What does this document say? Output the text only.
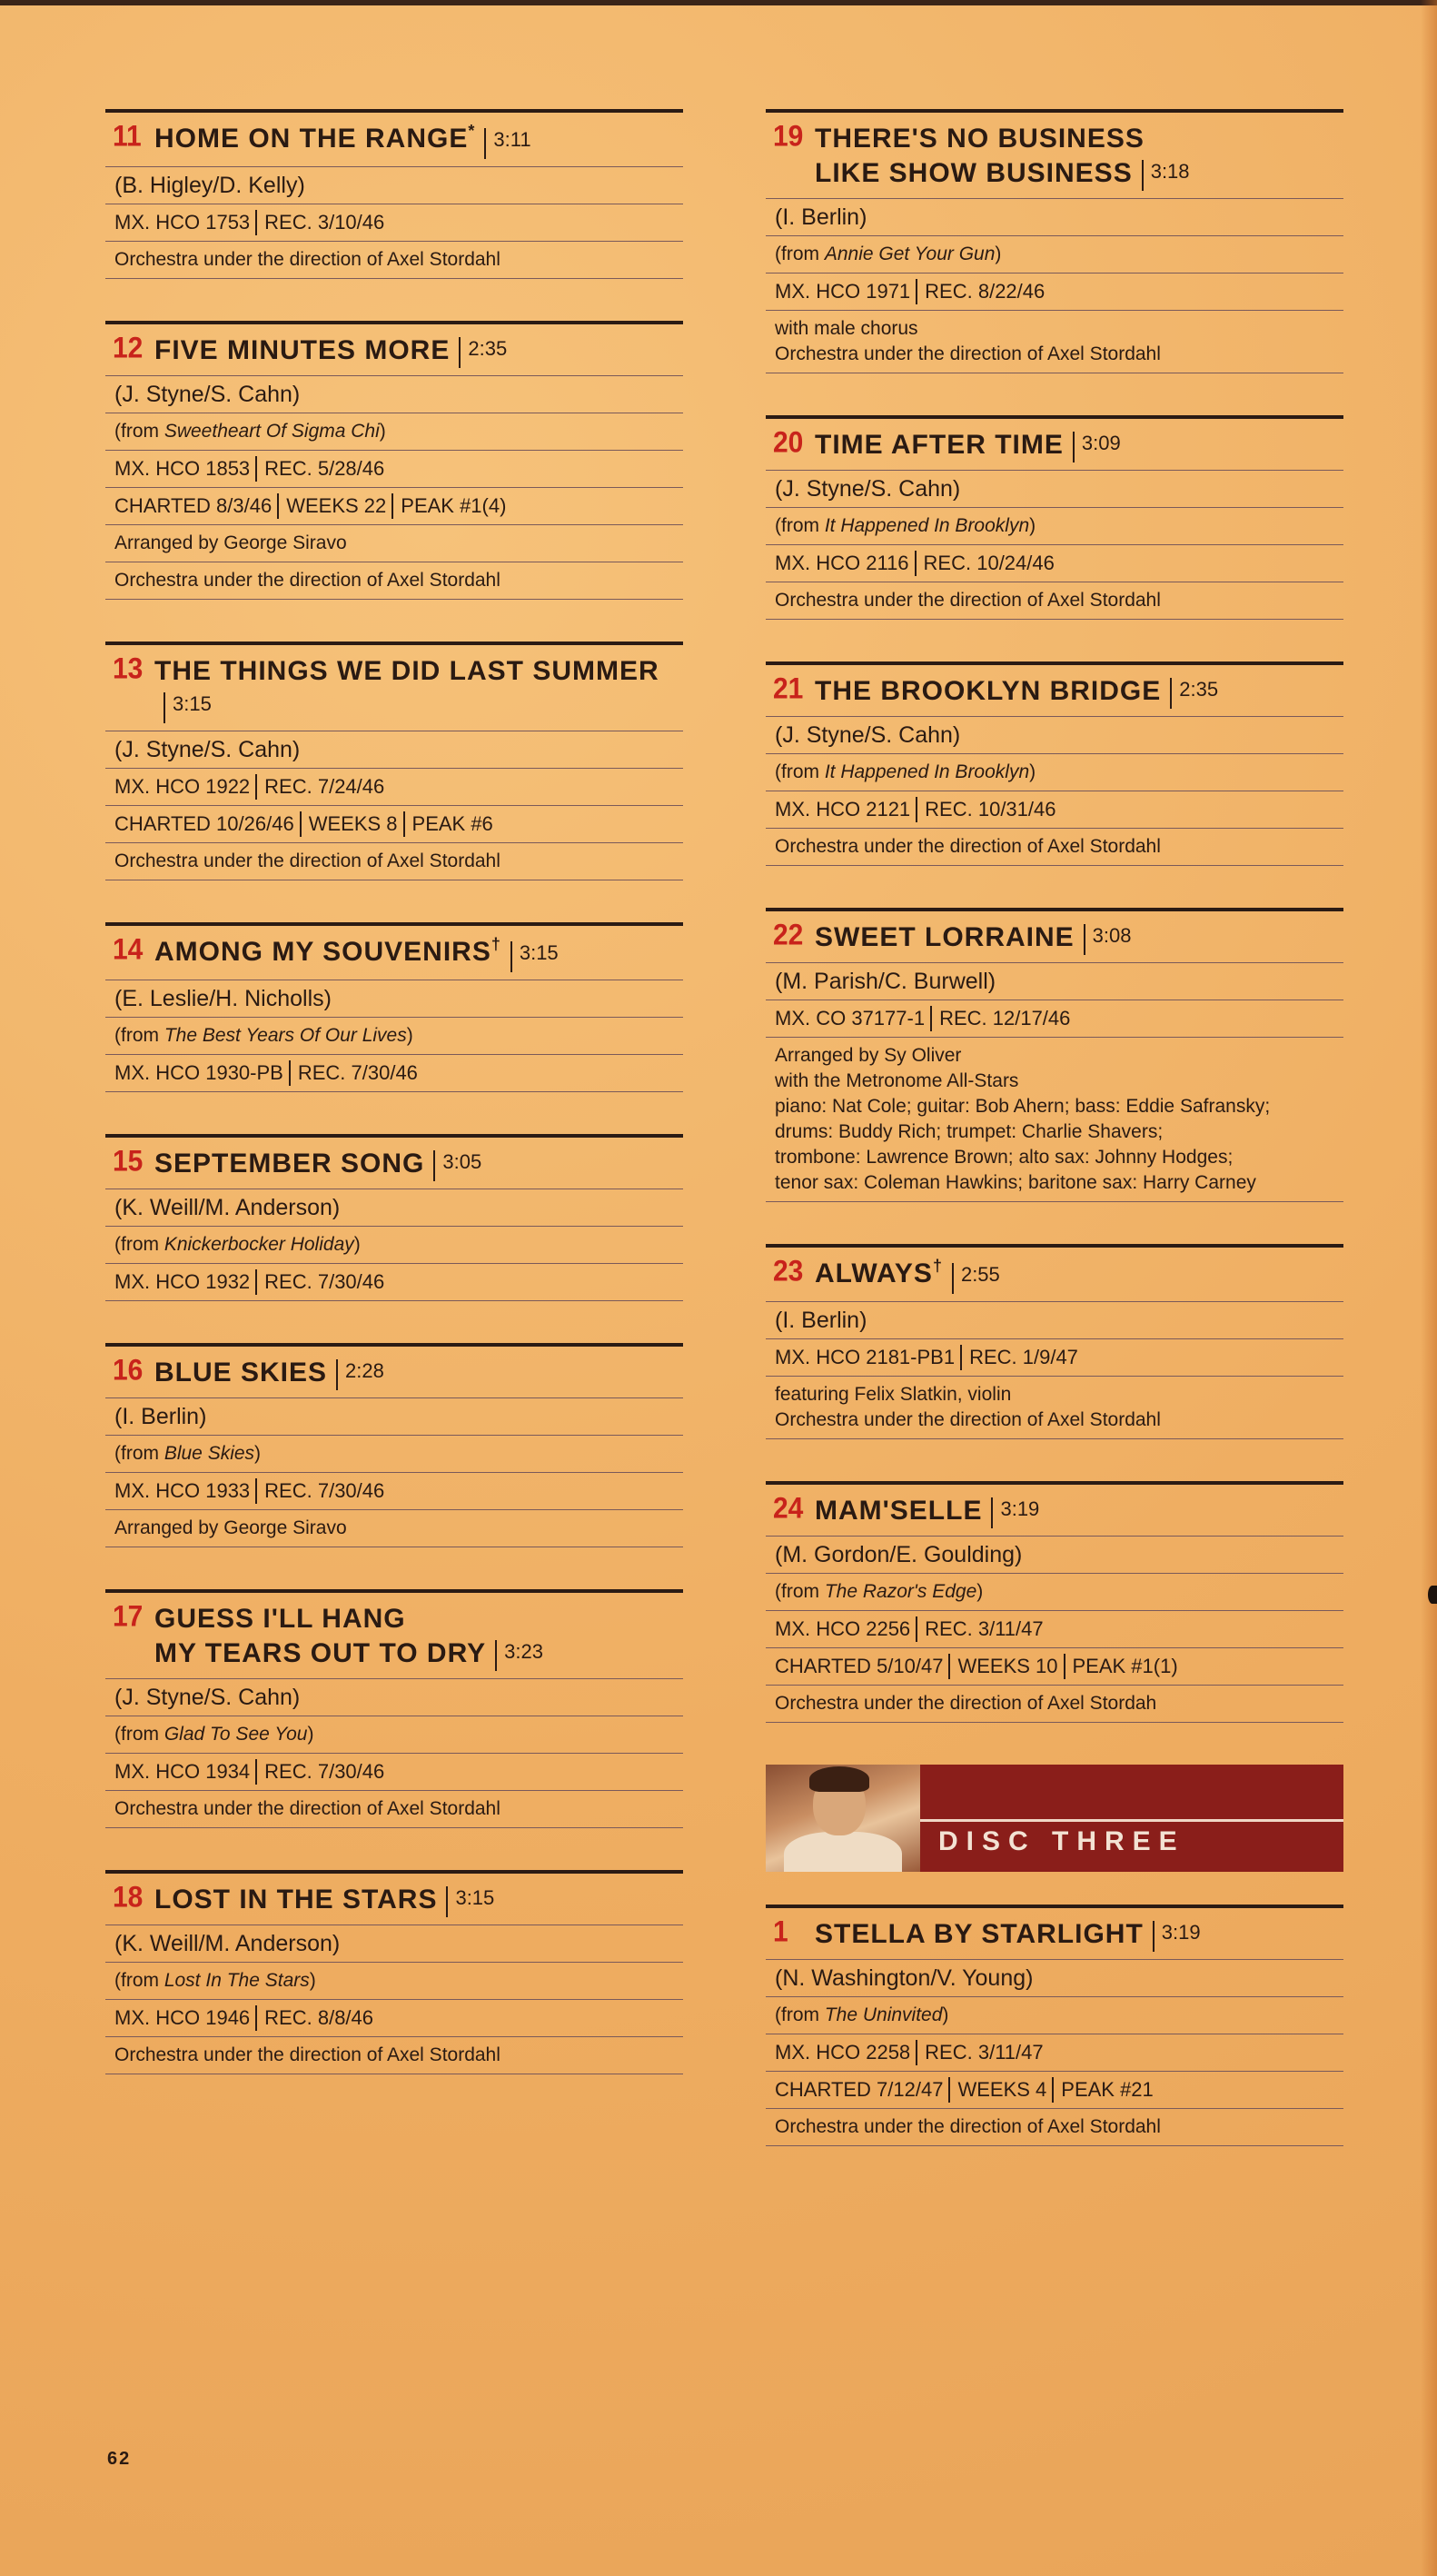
11 HOME ON THE RANGE* $^{3:11}$
(B. Higley/D. Kelly)
MX. HCO 1753 REC. 3/10/46
Orchestra under the direction of Axel Stordahl
12 FIVE MINUTES MORE $^{2:35}$
(J. Styne/S. Cahn)
(from Sweetheart Of Sigma Chi)
MX. HCO 1853 REC. 5/28/46
CHARTED 8/3/46 WEEKS 22 PEAK #1(4)
Arranged by George Siravo
Orchestra under the direction of Axel Stordahl
13 THE THINGS WE DID LAST $SUMMER^{3:15}$
(J. Styne/S. Cahn)
MX. HCO 1922 REC. 7/24/46
CHARTED 10/26/46 WEEKS 8 PEAK #6
Orchestra under the direction of Axel Stordahl
14 AMONG MY SOUVENIRS† $^{3:15}$
(E. Leslie/H. Nicholls)
(from The Best Years Of Our Lives)
MX. HCO 1930-PB REC. 7/30/46
15 SEPTEMBER SONG $^{3:05}$
(K. Weill/M. Anderson)
(from Knickerbocker Holiday)
MX. HCO 1932 REC. 7/30/46
16 BLUE SKIES $^{2:28}$
(I. Berlin)
(from Blue Skies)
MX. HCO 1933 REC. 7/30/46
Arranged by George Siravo
17 GUESS I'LL HANG
MY TEARS OUT TO DRY $^{3:23}$
(J. Styne/S. Cahn)
(from Glad To See You)
MX. HCO 1934 REC. 7/30/46
Orchestra under the direction of Axel Stordahl
18 LOST IN THE STARS $^{3:15}$
(K. Weill/M. Anderson)
(from Lost In The Stars)
MX. HCO 1946 REC. 8/8/46
Orchestra under the direction of Axel Stordahl
19 THERE'S NO BUSINESS
LIKE SHOW BUSINESS $^{3:18}$
(I. Berlin)
(from Annie Get Your Gun)
MX. HCO 1971 REC. 8/22/46
with male chorus
Orchestra under the direction of Axel Stordahl
20 TIME AFTER TIME $^{3:09}$
(J. Styne/S. Cahn)
(from It Happened In Brooklyn)
MX. HCO 2116 REC. 10/24/46
Orchestra under the direction of Axel Stordahl
21 THE BROOKLYN BRIDGE $^{2:35}$
(J. Styne/S. Cahn)
(from It Happened In Brooklyn)
MX. HCO 2121 REC. 10/31/46
Orchestra under the direction of Axel Stordahl
22 SWEET LORRAINE $^{3:08}$
(M. Parish/C. Burwell)
MX. CO 37177-1 REC. 12/17/46
Arranged by Sy Oliver
with the Metronome All-Stars
piano: Nat Cole; guitar: Bob Ahern; bass: Eddie Safransky;
drums: Buddy Rich; trumpet: Charlie Shavers;
trombone: Lawrence Brown; alto sax: Johnny Hodges;
tenor sax: Coleman Hawkins; baritone sax: Harry Carney
23 ALWAYS† $^{2:55}$
(I. Berlin)
MX. HCO 2181-PB1 REC. 1/9/47
featuring Felix Slatkin, violin
Orchestra under the direction of Axel Stordahl
24 MAM'SELLE $^{3:19}$
(M. Gordon/E. Goulding)
(from The Razor's Edge)
MX. HCO 2256 REC. 3/11/47
CHARTED 5/10/47 WEEKS 10 PEAK #1(1)
Orchestra under the direction of Axel Stordah
DISC THREE
1 STELLA BY STARLIGHT $^{3:19}$
(N. Washington/V. Young)
(from The Uninvited)
MX. HCO 2258 REC. 3/11/47
CHARTED 7/12/47 WEEKS 4 PEAK #21
Orchestra under the direction of Axel Stordahl
62
